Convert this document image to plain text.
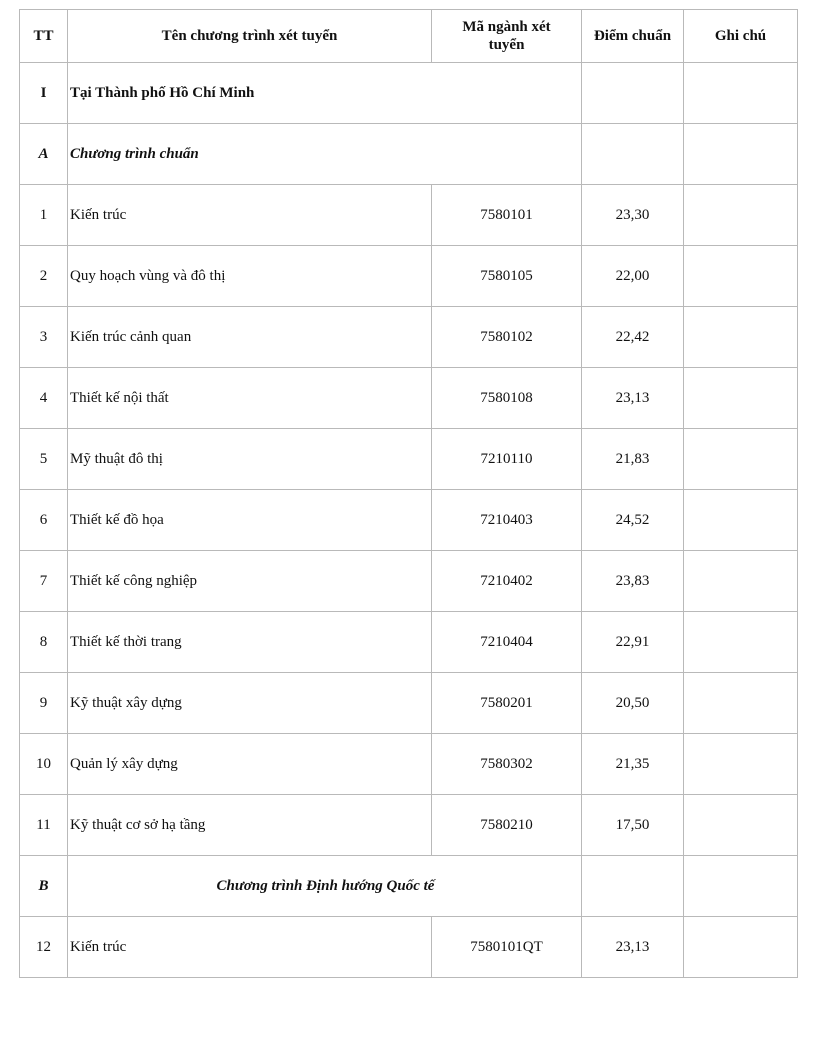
TT	Tên chương trình xét tuyển	Mã ngành xét tuyển	Điểm chuẩn	Ghi chú
I	Tại Thành phố Hồ Chí Minh			
A	Chương trình chuẩn			
1	Kiến trúc	7580101	23,30	
2	Quy hoạch vùng và đô thị	7580105	22,00	
3	Kiến trúc cảnh quan	7580102	22,42	
4	Thiết kế nội thất	7580108	23,13	
5	Mỹ thuật đô thị	7210110	21,83	
6	Thiết kế đồ họa	7210403	24,52	
7	Thiết kế công nghiệp	7210402	23,83	
8	Thiết kế thời trang	7210404	22,91	
9	Kỹ thuật xây dựng	7580201	20,50	
10	Quản lý xây dựng	7580302	21,35	
11	Kỹ thuật cơ sở hạ tầng	7580210	17,50	
B	Chương trình Định hướng Quốc tế			
12	Kiến trúc	7580101QT	23,13	
